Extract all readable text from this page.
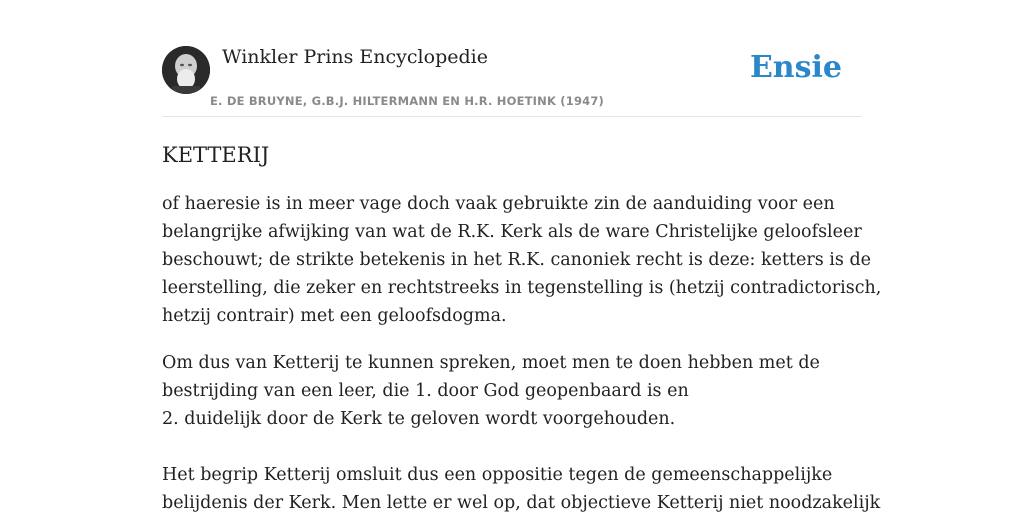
Winkler Prins Encyclopedie
E. DE BRUYNE, G.B.J. HILTERMANN EN H.R. HOETINK (1947)
Ensie
KETTERIJ

of haeresie is in meer vage doch vaak gebruikte zin de aanduiding voor een
belangrijke afwijking van wat de R.K. Kerk als de ware Christelijke geloofsleer
beschouwt; de strikte betekenis in het R.K. canoniek recht is deze: ketters is de
leerstelling, die zeker en rechtstreeks in tegenstelling is (hetzij contradictorisch,
hetzij contrair) met een geloofsdogma.

Om dus van Ketterij te kunnen spreken, moet men te doen hebben met de
bestrijding van een leer, die 1. door God geopenbaard is en
2. duidelijk door de Kerk te geloven wordt voorgehouden.

Het begrip Ketterij omsluit dus een oppositie tegen de gemeenschappelijke
belijdenis der Kerk. Men lette er wel op, dat objectieve Ketterij niet noodzakelijk
